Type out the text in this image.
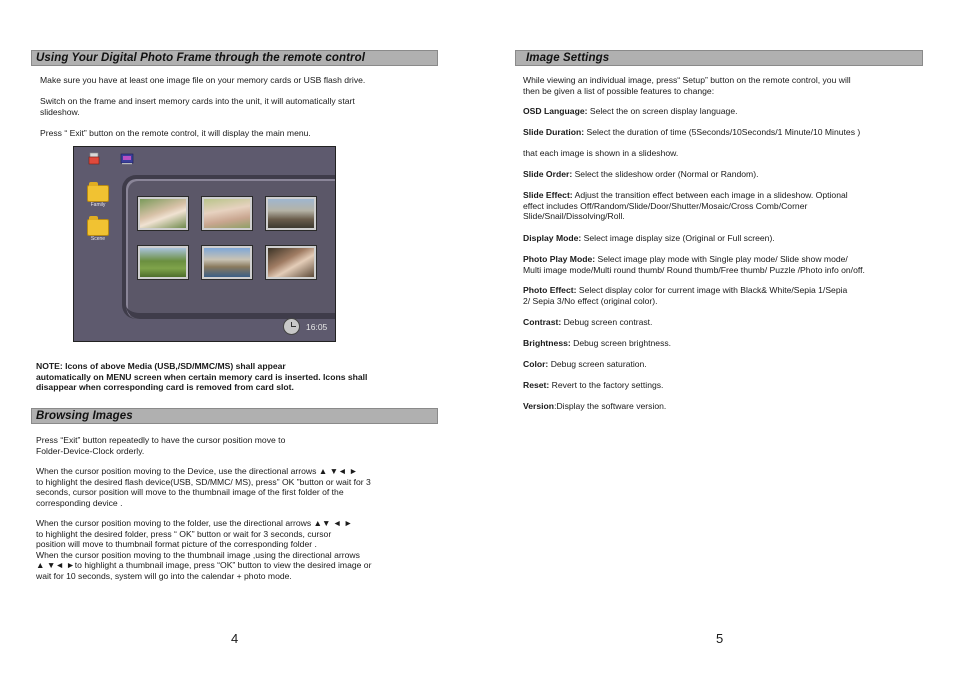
Using Your Digital Photo Frame through the remote control

Make sure you have at least one image file on your memory cards or USB flash drive.

Switch on the frame and insert memory cards into the unit, it will automatically start

slideshow.

Press “ Exit” button on the remote control, it will display the main menu.

Family
Scene
16:05
NOTE: Icons of above Media (USB,/SD/MMC/MS) shall appear
automatically on MENU screen when certain memory card is inserted. Icons shall
disappear when corresponding card is removed from card slot.
Browsing Images
Press “Exit” button repeatedly to have the cursor position move to
Folder-Device-Clock orderly.
When the cursor position moving to the Device, use the directional arrows ▲ ▼◄ ►
to highlight the desired flash device(USB, SD/MMC/ MS), press” OK ”button or wait for 3
seconds, cursor position will move to the thumbnail image of the first folder of the
corresponding device .
When the cursor position moving to the folder, use the directional arrows ▲▼ ◄ ►
to highlight the desired folder, press “ OK” button or wait for 3 seconds, cursor
position will move to thumbnail format picture of the corresponding folder .
When the cursor position moving to the thumbnail image ,using the directional arrows
▲ ▼◄ ►to highlight a thumbnail image, press “OK” button to view the desired image or
wait for 10 seconds, system will go into the calendar + photo mode.
4
Image Settings
While viewing an individual image, press“ Setup” button on the remote control, you will
then be given a list of possible features to change:
OSD Language: Select the on screen display language.
Slide Duration: Select the duration of time (5Seconds/10Seconds/1 Minute/10 Minutes )
that each image is shown in a slideshow.
Slide Order: Select the slideshow order (Normal or Random).
Slide Effect: Adjust the transition effect between each image in a slideshow. Optional
effect includes Off/Random/Slide/Door/Shutter/Mosaic/Cross Comb/Corner
Slide/Snail/Dissolving/Roll.
Display Mode: Select image display size (Original or Full screen).
Photo Play Mode: Select image play mode with Single play mode/ Slide show mode/
Multi image mode/Multi round thumb/ Round thumb/Free thumb/ Puzzle /Photo info on/off.
Photo Effect: Select display color for current image with Black& White/Sepia 1/Sepia
2/ Sepia 3/No effect (original color).
Contrast: Debug screen contrast.
Brightness: Debug screen brightness.
Color: Debug screen saturation.
Reset: Revert to the factory settings.
Version:Display the software version.
5
